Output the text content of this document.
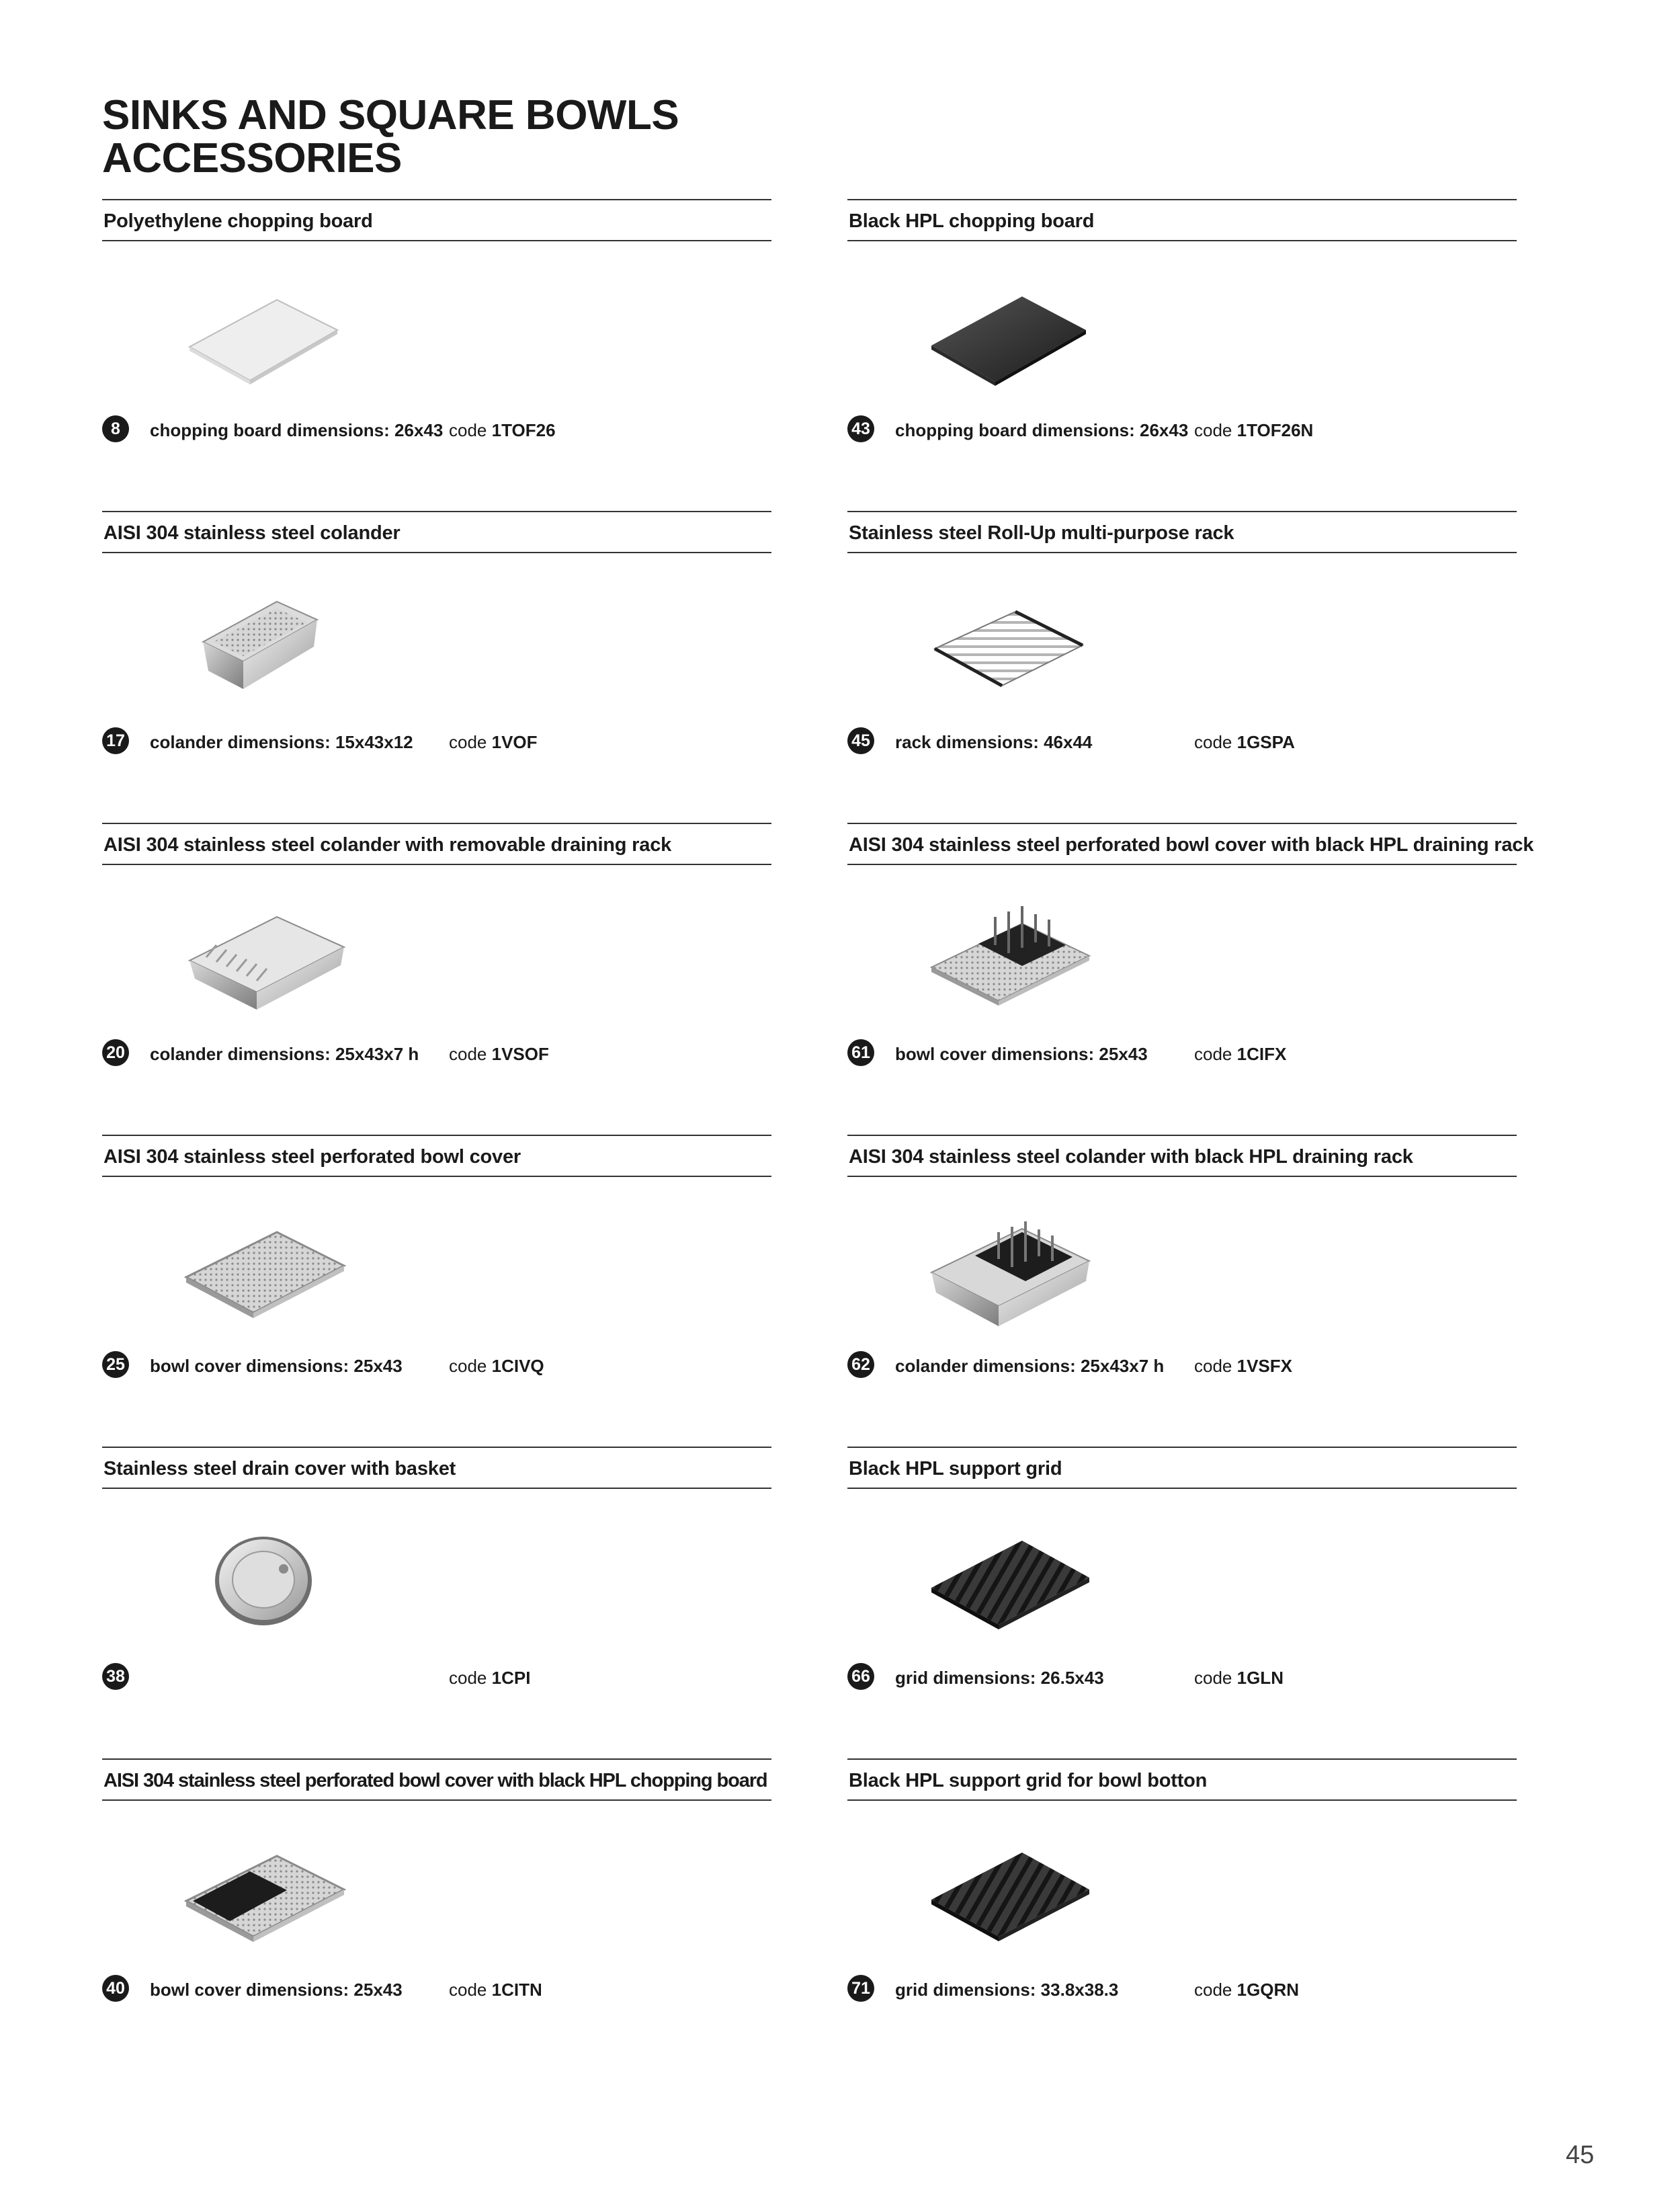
SINKS AND SQUARE BOWLS
ACCESSORIES
Polyethylene chopping board
8	chopping board dimensions: 26x43 code 1TOF26
Black HPL chopping board
43 chopping board dimensions: 26x43 code 1TOF26N
AISI 304 stainless steel colander
17 colander dimensions: 15x43x12 code 1VOF
Stainless steel Roll-Up multi-purpose rack
45 rack dimensions: 46x44	code 1GSPA
AISI 304 stainless steel colander with removable draining rack
20 colander dimensions: 25x43x7 h code 1VSOF
AISI 304 stainless steel perforated bowl cover with black HPL draining rack
61 bowl cover dimensions: 25x43	code 1CIFX
AISI 304 stainless steel perforated bowl cover
25 bowl cover dimensions: 25x43	code 1CIVQ
AISI 304 stainless steel colander with black HPL draining rack
62 colander dimensions: 25x43x7 h code 1VSFX
Stainless steel drain cover with basket
38	code 1CPI
Black HPL support grid
66 grid dimensions: 26.5x43	code 1GLN
AISI 304 stainless steel perforated bowl cover with black HPL chopping board
40 bowl cover dimensions: 25x43	code 1CITN
Black HPL support grid for bowl botton
71 grid dimensions: 33.8x38.3	code 1GQRN
45
